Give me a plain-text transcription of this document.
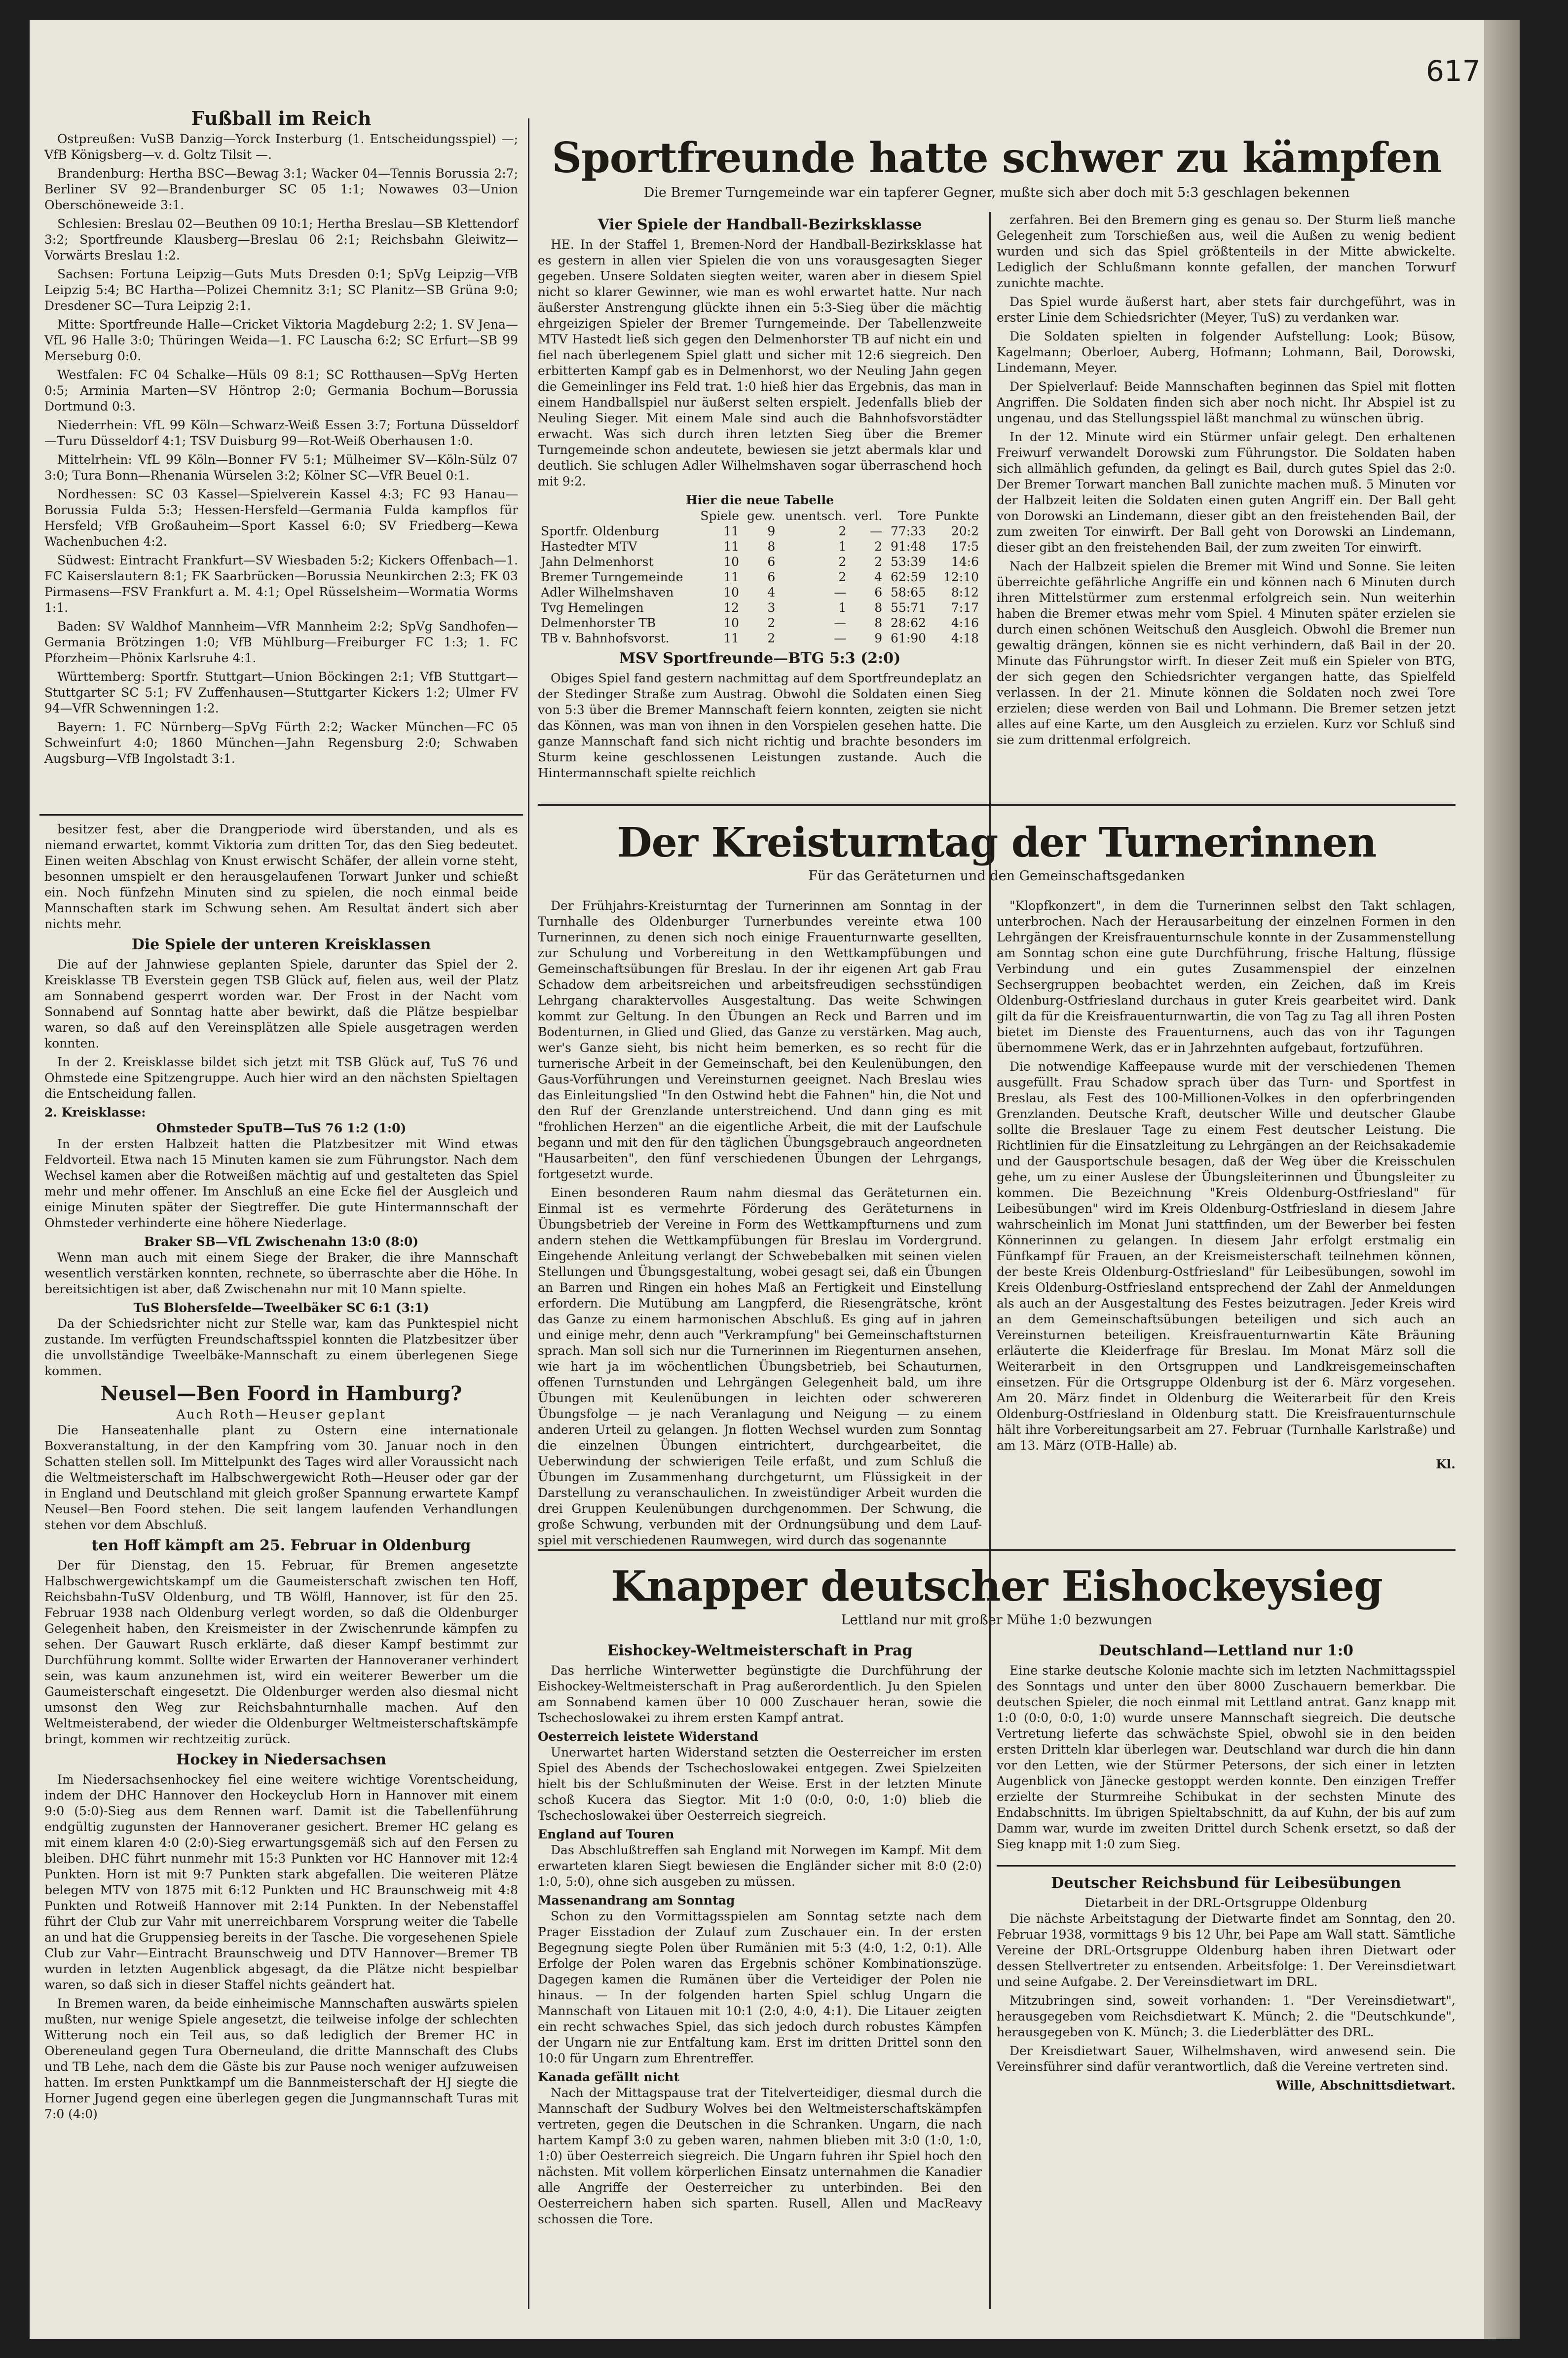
617
Fußball im Reich

Ostpreußen: VuSB Danzig—Yorck Insterburg (1. Entscheidungsspiel) —; VfB Königsberg—v. d. Goltz Tilsit —.

Brandenburg: Hertha BSC—Bewag 3:1; Wacker 04—Tennis Borussia 2:7; Berliner SV 92—Brandenburger SC 05 1:1; Nowawes 03—Union Oberschöneweide 3:1.

Schlesien: Breslau 02—Beuthen 09 10:1; Hertha Breslau—SB Klettendorf 3:2; Sportfreunde Klausberg—Breslau 06 2:1; Reichsbahn Gleiwitz—Vorwärts Breslau 1:2.

Sachsen: Fortuna Leipzig—Guts Muts Dresden 0:1; SpVg Leipzig—VfB Leipzig 5:4; BC Hartha—Polizei Chemnitz 3:1; SC Planitz—SB Grüna 9:0; Dresdener SC—Tura Leipzig 2:1.

Mitte: Sportfreunde Halle—Cricket Viktoria Magdeburg 2:2; 1. SV Jena—VfL 96 Halle 3:0; Thüringen Weida—1. FC Lauscha 6:2; SC Erfurt—SB 99 Merseburg 0:0.

Westfalen: FC 04 Schalke—Hüls 09 8:1; SC Rotthausen—SpVg Herten 0:5; Arminia Marten—SV Höntrop 2:0; Germania Bochum—Borussia Dortmund 0:3.

Niederrhein: VfL 99 Köln—Schwarz-Weiß Essen 3:7; Fortuna Düsseldorf—Turu Düsseldorf 4:1; TSV Duisburg 99—Rot-Weiß Oberhausen 1:0.

Mittelrhein: VfL 99 Köln—Bonner FV 5:1; Mülheimer SV—Köln-Sülz 07 3:0; Tura Bonn—Rhenania Würselen 3:2; Kölner SC—VfR Beuel 0:1.

Nordhessen: SC 03 Kassel—Spielverein Kassel 4:3; FC 93 Hanau—Borussia Fulda 5:3; Hessen-Hersfeld—Germania Fulda kampflos für Hersfeld; VfB Großauheim—Sport Kassel 6:0; SV Friedberg—Kewa Wachenbuchen 4:2.

Südwest: Eintracht Frankfurt—SV Wiesbaden 5:2; Kickers Offenbach—1. FC Kaiserslautern 8:1; FK Saarbrücken—Borussia Neunkirchen 2:3; FK 03 Pirmasens—FSV Frankfurt a. M. 4:1; Opel Rüsselsheim—Wormatia Worms 1:1.

Baden: SV Waldhof Mannheim—VfR Mannheim 2:2; SpVg Sandhofen—Germania Brötzingen 1:0; VfB Mühlburg—Freiburger FC 1:3; 1. FC Pforzheim—Phönix Karlsruhe 4:1.

Württemberg: Sportfr. Stuttgart—Union Böckingen 2:1; VfB Stuttgart—Stuttgarter SC 5:1; FV Zuffenhausen—Stuttgarter Kickers 1:2; Ulmer FV 94—VfR Schwenningen 1:2.

Bayern: 1. FC Nürnberg—SpVg Fürth 2:2; Wacker München—FC 05 Schweinfurt 4:0; 1860 München—Jahn Regensburg 2:0; Schwaben Augsburg—VfB Ingolstadt 3:1.

besitzer fest, aber die Drangperiode wird überstanden, und als es niemand erwartet, kommt Viktoria zum dritten Tor, das den Sieg bedeutet. Einen weiten Abschlag von Knust erwischt Schäfer, der allein vorne steht, besonnen umspielt er den herausgelaufenen Torwart Junker und schießt ein. Noch fünfzehn Minuten sind zu spielen, die noch einmal beide Mannschaften stark im Schwung sehen. Am Resultat ändert sich aber nichts mehr.

Die Spiele der unteren Kreisklassen

Die auf der Jahnwiese geplanten Spiele, darunter das Spiel der 2. Kreisklasse TB Everstein gegen TSB Glück auf, fielen aus, weil der Platz am Sonnabend gesperrt worden war. Der Frost in der Nacht vom Sonnabend auf Sonntag hatte aber bewirkt, daß die Plätze bespielbar waren, so daß auf den Vereinsplätzen alle Spiele ausgetragen werden konnten.

In der 2. Kreisklasse bildet sich jetzt mit TSB Glück auf, TuS 76 und Ohmstede eine Spitzengruppe. Auch hier wird an den nächsten Spieltagen die Entscheidung fallen.

2. Kreisklasse:
Ohmsteder SpuTB—TuS 76 1:2 (1:0)

In der ersten Halbzeit hatten die Platzbesitzer mit Wind etwas Feldvorteil. Etwa nach 15 Minuten kamen sie zum Führungstor. Nach dem Wechsel kamen aber die Rotweißen mächtig auf und gestalteten das Spiel mehr und mehr offener. Im Anschluß an eine Ecke fiel der Ausgleich und einige Minuten später der Siegtreffer. Die gute Hintermannschaft der Ohmsteder verhinderte eine höhere Niederlage.

Braker SB—VfL Zwischenahn 13:0 (8:0)

Wenn man auch mit einem Siege der Braker, die ihre Mannschaft wesentlich verstärken konnten, rechnete, so überraschte aber die Höhe. In bereitsichtigen ist aber, daß Zwischenahn nur mit 10 Mann spielte.

TuS Blohersfelde—Tweelbäker SC 6:1 (3:1)

Da der Schiedsrichter nicht zur Stelle war, kam das Punktespiel nicht zustande. Im verfügten Freundschaftsspiel konnten die Platzbesitzer über die unvollständige Tweelbäke-Mannschaft zu einem überlegenen Siege kommen.

Neusel—Ben Foord in Hamburg?
Auch Roth—Heuser geplant

Die Hanseatenhalle plant zu Ostern eine internationale Boxveranstaltung, in der den Kampfring vom 30. Januar noch in den Schatten stellen soll. Im Mittelpunkt des Tages wird aller Voraussicht nach die Weltmeisterschaft im Halbschwergewicht Roth—Heuser oder gar der in England und Deutschland mit gleich großer Spannung erwartete Kampf Neusel—Ben Foord stehen. Die seit langem laufenden Verhandlungen stehen vor dem Abschluß.

ten Hoff kämpft am 25. Februar in Oldenburg

Der für Dienstag, den 15. Februar, für Bremen angesetzte Halbschwergewichtskampf um die Gaumeisterschaft zwischen ten Hoff, Reichsbahn-TuSV Oldenburg, und TB Wölfl, Hannover, ist für den 25. Februar 1938 nach Oldenburg verlegt worden, so daß die Oldenburger Gelegenheit haben, den Kreismeister in der Zwischenrunde kämpfen zu sehen. Der Gauwart Rusch erklärte, daß dieser Kampf bestimmt zur Durchführung kommt. Sollte wider Erwarten der Hannoveraner verhindert sein, was kaum anzunehmen ist, wird ein weiterer Bewerber um die Gaumeisterschaft eingesetzt. Die Oldenburger werden also diesmal nicht umsonst den Weg zur Reichsbahnturnhalle machen. Auf den Weltmeisterabend, der wieder die Oldenburger Weltmeisterschaftskämpfe bringt, kommen wir rechtzeitig zurück.

Hockey in Niedersachsen

Im Niedersachsenhockey fiel eine weitere wichtige Vorentscheidung, indem der DHC Hannover den Hockeyclub Horn in Hannover mit einem 9:0 (5:0)-Sieg aus dem Rennen warf. Damit ist die Tabellenführung endgültig zugunsten der Hannoveraner gesichert. Bremer HC gelang es mit einem klaren 4:0 (2:0)-Sieg erwartungsgemäß sich auf den Fersen zu bleiben. DHC führt nunmehr mit 15:3 Punkten vor HC Hannover mit 12:4 Punkten. Horn ist mit 9:7 Punkten stark abgefallen. Die weiteren Plätze belegen MTV von 1875 mit 6:12 Punkten und HC Braunschweig mit 4:8 Punkten und Rotweiß Hannover mit 2:14 Punkten. In der Nebenstaffel führt der Club zur Vahr mit unerreichbarem Vorsprung weiter die Tabelle an und hat die Gruppensieg bereits in der Tasche. Die vorgesehenen Spiele Club zur Vahr—Eintracht Braunschweig und DTV Hannover—Bremer TB wurden in letzten Augenblick abgesagt, da die Plätze nicht bespielbar waren, so daß sich in dieser Staffel nichts geändert hat.

In Bremen waren, da beide einheimische Mannschaften auswärts spielen mußten, nur wenige Spiele angesetzt, die teilweise infolge der schlechten Witterung noch ein Teil aus, so daß lediglich der Bremer HC in Obereneuland gegen Tura Oberneuland, die dritte Mannschaft des Clubs und TB Lehe, nach dem die Gäste bis zur Pause noch weniger aufzuweisen hatten. Im ersten Punktkampf um die Bannmeisterschaft der HJ siegte die Horner Jugend gegen eine überlegen gegen die Jungmannschaft Turas mit 7:0 (4:0)

Sportfreunde hatte schwer zu kämpfen
Die Bremer Turngemeinde war ein tapferer Gegner, mußte sich aber doch mit 5:3 geschlagen bekennen
Vier Spiele der Handball-Bezirksklasse

HE. In der Staffel 1, Bremen-Nord der Handball-Bezirksklasse hat es gestern in allen vier Spielen die von uns vorausgesagten Sieger gegeben. Unsere Soldaten siegten weiter, waren aber in diesem Spiel nicht so klarer Gewinner, wie man es wohl erwartet hatte. Nur nach äußerster Anstrengung glückte ihnen ein 5:3-Sieg über die mächtig ehrgeizigen Spieler der Bremer Turngemeinde. Der Tabellenzweite MTV Hastedt ließ sich gegen den Delmenhorster TB auf nicht ein und fiel nach überlegenem Spiel glatt und sicher mit 12:6 siegreich. Den erbitterten Kampf gab es in Delmenhorst, wo der Neuling Jahn gegen die Gemeinlinger ins Feld trat. 1:0 hieß hier das Ergebnis, das man in einem Handballspiel nur äußerst selten erspielt. Jedenfalls blieb der Neuling Sieger. Mit einem Male sind auch die Bahnhofsvorstädter erwacht. Was sich durch ihren letzten Sieg über die Bremer Turngemeinde schon andeutete, bewiesen sie jetzt abermals klar und deutlich. Sie schlugen Adler Wilhelmshaven sogar überraschend hoch mit 9:2.

Hier die neue Tabelle
	Spiele	gew.	unentsch.	verl.	Tore	Punkte
Sportfr. Oldenburg	11	9	2	—	77:33	20:2
Hastedter MTV	11	8	1	2	91:48	17:5
Jahn Delmenhorst	10	6	2	2	53:39	14:6
Bremer Turngemeinde	11	6	2	4	62:59	12:10
Adler Wilhelmshaven	10	4	—	6	58:65	8:12
Tvg Hemelingen	12	3	1	8	55:71	7:17
Delmenhorster TB	10	2	—	8	28:62	4:16
TB v. Bahnhofsvorst.	11	2	—	9	61:90	4:18
MSV Sportfreunde—BTG 5:3 (2:0)

Obiges Spiel fand gestern nachmittag auf dem Sportfreundeplatz an der Stedinger Straße zum Austrag. Obwohl die Soldaten einen Sieg von 5:3 über die Bremer Mannschaft feiern konnten, zeigten sie nicht das Können, was man von ihnen in den Vorspielen gesehen hatte. Die ganze Mannschaft fand sich nicht richtig und brachte besonders im Sturm keine geschlossenen Leistungen zustande. Auch die Hintermannschaft spielte reichlich

zerfahren. Bei den Bremern ging es genau so. Der Sturm ließ manche Gelegenheit zum Torschießen aus, weil die Außen zu wenig bedient wurden und sich das Spiel größtenteils in der Mitte abwickelte. Lediglich der Schlußmann konnte gefallen, der manchen Torwurf zunichte machte.

Das Spiel wurde äußerst hart, aber stets fair durchgeführt, was in erster Linie dem Schiedsrichter (Meyer, TuS) zu verdanken war.

Die Soldaten spielten in folgender Aufstellung: Look; Büsow, Kagelmann; Oberloer, Auberg, Hofmann; Lohmann, Bail, Dorowski, Lindemann, Meyer.

Der Spielverlauf: Beide Mannschaften beginnen das Spiel mit flotten Angriffen. Die Soldaten finden sich aber noch nicht. Ihr Abspiel ist zu ungenau, und das Stellungsspiel läßt manchmal zu wünschen übrig.

In der 12. Minute wird ein Stürmer unfair gelegt. Den erhaltenen Freiwurf verwandelt Dorowski zum Führungstor. Die Soldaten haben sich allmählich gefunden, da gelingt es Bail, durch gutes Spiel das 2:0. Der Bremer Torwart manchen Ball zunichte machen muß. 5 Minuten vor der Halbzeit leiten die Soldaten einen guten Angriff ein. Der Ball geht von Dorowski an Lindemann, dieser gibt an den freistehenden Bail, der zum zweiten Tor einwirft. Der Ball geht von Dorowski an Lindemann, dieser gibt an den freistehenden Bail, der zum zweiten Tor einwirft.

Nach der Halbzeit spielen die Bremer mit Wind und Sonne. Sie leiten überreichte gefährliche Angriffe ein und können nach 6 Minuten durch ihren Mittelstürmer zum erstenmal erfolgreich sein. Nun weiterhin haben die Bremer etwas mehr vom Spiel. 4 Minuten später erzielen sie durch einen schönen Weitschuß den Ausgleich. Obwohl die Bremer nun gewaltig drängen, können sie es nicht verhindern, daß Bail in der 20. Minute das Führungstor wirft. In dieser Zeit muß ein Spieler von BTG, der sich gegen den Schiedsrichter vergangen hatte, das Spielfeld verlassen. In der 21. Minute können die Soldaten noch zwei Tore erzielen; diese werden von Bail und Lohmann. Die Bremer setzen jetzt alles auf eine Karte, um den Ausgleich zu erzielen. Kurz vor Schluß sind sie zum drittenmal erfolgreich.

Der Kreisturntag der Turnerinnen
Für das Geräteturnen und den Gemeinschaftsgedanken

Der Frühjahrs-Kreisturntag der Turnerinnen am Sonntag in der Turnhalle des Oldenburger Turnerbundes vereinte etwa 100 Turnerinnen, zu denen sich noch einige Frauenturnwarte gesellten, zur Schulung und Vorbereitung in den Wettkampfübungen und Gemeinschaftsübungen für Breslau. In der ihr eigenen Art gab Frau Schadow dem arbeitsreichen und arbeitsfreudigen sechsstündigen Lehrgang charaktervolles Ausgestaltung. Das weite Schwingen kommt zur Geltung. In den Übungen an Reck und Barren und im Bodenturnen, in Glied und Glied, das Ganze zu verstärken. Mag auch, wer's Ganze sieht, bis nicht heim bemerken, es so recht für die turnerische Arbeit in der Gemeinschaft, bei den Keulenübungen, den Gaus-Vorführungen und Vereinsturnen geeignet. Nach Breslau wies das Einleitungslied "In den Ostwind hebt die Fahnen" hin, die Not und den Ruf der Grenzlande unterstreichend. Und dann ging es mit "frohlichen Herzen" an die eigentliche Arbeit, die mit der Laufschule begann und mit den für den täglichen Übungsgebrauch angeordneten "Hausarbeiten", den fünf verschiedenen Übungen der Lehrgangs, fortgesetzt wurde.

Einen besonderen Raum nahm diesmal das Geräteturnen ein. Einmal ist es vermehrte Förderung des Geräteturnens in Übungsbetrieb der Vereine in Form des Wettkampfturnens und zum andern stehen die Wettkampfübungen für Breslau im Vordergrund. Eingehende Anleitung verlangt der Schwebebalken mit seinen vielen Stellungen und Übungsgestaltung, wobei gesagt sei, daß ein Übungen an Barren und Ringen ein hohes Maß an Fertigkeit und Einstellung erfordern. Die Mutübung am Langpferd, die Riesengrätsche, krönt das Ganze zu einem harmonischen Abschluß. Es ging auf in jahren und einige mehr, denn auch "Verkrampfung" bei Gemeinschaftsturnen sprach. Man soll sich nur die Turnerinnen im Riegenturnen ansehen, wie hart ja im wöchentlichen Übungsbetrieb, bei Schauturnen, offenen Turnstunden und Lehrgängen Gelegenheit bald, um ihre Übungen mit Keulenübungen in leichten oder schwereren Übungsfolge — je nach Veranlagung und Neigung — zu einem anderen Urteil zu gelangen. Jn flotten Wechsel wurden zum Sonntag die einzelnen Übungen eintrichtert, durchgearbeitet, die Ueberwindung der schwierigen Teile erfaßt, und zum Schluß die Übungen im Zusammenhang durchgeturnt, um Flüssigkeit in der Darstellung zu veranschaulichen. In zweistündiger Arbeit wurden die drei Gruppen Keulenübungen durchgenommen. Der Schwung, die große Schwung, verbunden mit der Ordnungsübung und dem Lauf- spiel mit verschiedenen Raumwegen, wird durch das sogenannte

"Klopfkonzert", in dem die Turnerinnen selbst den Takt schlagen, unterbrochen. Nach der Herausarbeitung der einzelnen Formen in den Lehrgängen der Kreisfrauenturnschule konnte in der Zusammenstellung am Sonntag schon eine gute Durchführung, frische Haltung, flüssige Verbindung und ein gutes Zusammenspiel der einzelnen Sechsergruppen beobachtet werden, ein Zeichen, daß im Kreis Oldenburg-Ostfriesland durchaus in guter Kreis gearbeitet wird. Dank gilt da für die Kreisfrauenturnwartin, die von Tag zu Tag all ihren Posten bietet im Dienste des Frauenturnens, auch das von ihr Tagungen übernommene Werk, das er in Jahrzehnten aufgebaut, fortzuführen.

Die notwendige Kaffeepause wurde mit der verschiedenen Themen ausgefüllt. Frau Schadow sprach über das Turn- und Sportfest in Breslau, als Fest des 100-Millionen-Volkes in den opferbringenden Grenzlanden. Deutsche Kraft, deutscher Wille und deutscher Glaube sollte die Breslauer Tage zu einem Fest deutscher Leistung. Die Richtlinien für die Einsatzleitung zu Lehrgängen an der Reichsakademie und der Gausportschule besagen, daß der Weg über die Kreisschulen gehe, um zu einer Auslese der Übungsleiterinnen und Übungsleiter zu kommen. Die Bezeichnung "Kreis Oldenburg-Ostfriesland" für Leibesübungen" wird im Kreis Oldenburg-Ostfriesland in diesem Jahre wahrscheinlich im Monat Juni stattfinden, um der Bewerber bei festen Könnerinnen zu gelangen. In diesem Jahr erfolgt erstmalig ein Fünfkampf für Frauen, an der Kreismeisterschaft teilnehmen können, der beste Kreis Oldenburg-Ostfriesland" für Leibesübungen, sowohl im Kreis Oldenburg-Ostfriesland entsprechend der Zahl der Anmeldungen als auch an der Ausgestaltung des Festes beizutragen. Jeder Kreis wird an dem Gemeinschaftsübungen beteiligen und sich auch an Vereinsturnen beteiligen. Kreisfrauenturnwartin Käte Bräuning erläuterte die Kleiderfrage für Breslau. Im Monat März soll die Weiterarbeit in den Ortsgruppen und Landkreisgemeinschaften einsetzen. Für die Ortsgruppe Oldenburg ist der 6. März vorgesehen. Am 20. März findet in Oldenburg die Weiterarbeit für den Kreis Oldenburg-Ostfriesland in Oldenburg statt. Die Kreisfrauenturnschule hält ihre Vorbereitungsarbeit am 27. Februar (Turnhalle Karlstraße) und am 13. März (OTB-Halle) ab.

Kl.
Knapper deutscher Eishockeysieg
Lettland nur mit großer Mühe 1:0 bezwungen
Eishockey-Weltmeisterschaft in Prag

Das herrliche Winterwetter begünstigte die Durchführung der Eishockey-Weltmeisterschaft in Prag außerordentlich. Ju den Spielen am Sonnabend kamen über 10 000 Zuschauer heran, sowie die Tschechoslowakei zu ihrem ersten Kampf antrat.

Oesterreich leistete Widerstand

Unerwartet harten Widerstand setzten die Oesterreicher im ersten Spiel des Abends der Tschechoslowakei entgegen. Zwei Spielzeiten hielt bis der Schlußminuten der Weise. Erst in der letzten Minute schoß Kucera das Siegtor. Mit 1:0 (0:0, 0:0, 1:0) blieb die Tschechoslowakei über Oesterreich siegreich.

England auf Touren

Das Abschlußtreffen sah England mit Norwegen im Kampf. Mit dem erwarteten klaren Siegt bewiesen die Engländer sicher mit 8:0 (2:0) 1:0, 5:0), ohne sich ausgeben zu müssen.

Massenandrang am Sonntag

Schon zu den Vormittagsspielen am Sonntag setzte nach dem Prager Eisstadion der Zulauf zum Zuschauer ein. In der ersten Begegnung siegte Polen über Rumänien mit 5:3 (4:0, 1:2, 0:1). Alle Erfolge der Polen waren das Ergebnis schöner Kombinationszüge. Dagegen kamen die Rumänen über die Verteidiger der Polen nie hinaus. — In der folgenden harten Spiel schlug Ungarn die Mannschaft von Litauen mit 10:1 (2:0, 4:0, 4:1). Die Litauer zeigten ein recht schwaches Spiel, das sich jedoch durch robustes Kämpfen der Ungarn nie zur Entfaltung kam. Erst im dritten Drittel sonn den 10:0 für Ungarn zum Ehrentreffer.

Kanada gefällt nicht

Nach der Mittagspause trat der Titelverteidiger, diesmal durch die Mannschaft der Sudbury Wolves bei den Weltmeisterschaftskämpfen vertreten, gegen die Deutschen in die Schranken. Ungarn, die nach hartem Kampf 3:0 zu geben waren, nahmen blieben mit 3:0 (1:0, 1:0, 1:0) über Oesterreich siegreich. Die Ungarn fuhren ihr Spiel hoch den nächsten. Mit vollem körperlichen Einsatz unternahmen die Kanadier alle Angriffe der Oesterreicher zu unterbinden. Bei den Oesterreichern haben sich sparten. Rusell, Allen und MacReavy schossen die Tore.

Deutschland—Lettland nur 1:0

Eine starke deutsche Kolonie machte sich im letzten Nachmittagsspiel des Sonntags und unter den über 8000 Zuschauern bemerkbar. Die deutschen Spieler, die noch einmal mit Lettland antrat. Ganz knapp mit 1:0 (0:0, 0:0, 1:0) wurde unsere Mannschaft siegreich. Die deutsche Vertretung lieferte das schwächste Spiel, obwohl sie in den beiden ersten Dritteln klar überlegen war. Deutschland war durch die hin dann vor den Letten, wie der Stürmer Petersons, der sich einer in letzten Augenblick von Jänecke gestoppt werden konnte. Den einzigen Treffer erzielte der Sturmreihe Schibukat in der sechsten Minute des Endabschnitts. Im übrigen Spieltabschnitt, da auf Kuhn, der bis auf zum Damm war, wurde im zweiten Drittel durch Schenk ersetzt, so daß der Sieg knapp mit 1:0 zum Sieg.

Deutscher Reichsbund für Leibesübungen
Dietarbeit in der DRL-Ortsgruppe Oldenburg

Die nächste Arbeitstagung der Dietwarte findet am Sonntag, den 20. Februar 1938, vormittags 9 bis 12 Uhr, bei Pape am Wall statt. Sämtliche Vereine der DRL-Ortsgruppe Oldenburg haben ihren Dietwart oder dessen Stellvertreter zu entsenden. Arbeitsfolge: 1. Der Vereinsdietwart und seine Aufgabe. 2. Der Vereinsdietwart im DRL.

Mitzubringen sind, soweit vorhanden: 1. "Der Vereinsdietwart", herausgegeben vom Reichsdietwart K. Münch; 2. die "Deutschkunde", herausgegeben von K. Münch; 3. die Liederblätter des DRL.

Der Kreisdietwart Sauer, Wilhelmshaven, wird anwesend sein. Die Vereinsführer sind dafür verantwortlich, daß die Vereine vertreten sind.

Wille, Abschnittsdietwart.
